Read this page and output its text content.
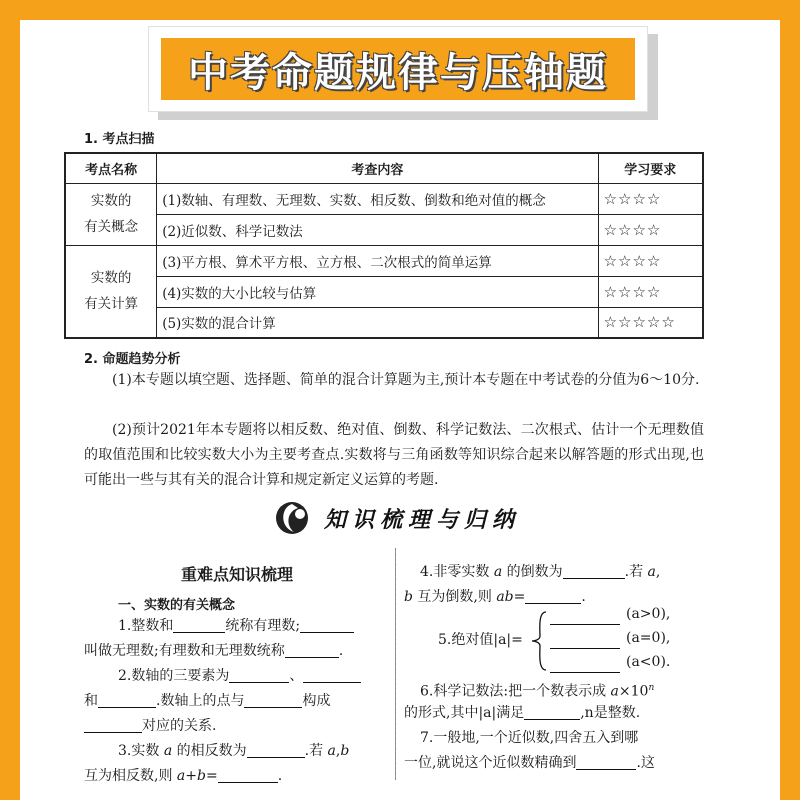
中考命题规律与压轴题
1. 考点扫描
考点名称	考查内容	学习要求
实数的
有关概念	(1)数轴、有理数、无理数、实数、相反数、倒数和绝对值的概念	☆☆☆☆
	(2)近似数、科学记数法	☆☆☆☆
实数的
有关计算	(3)平方根、算术平方根、立方根、二次根式的简单运算	☆☆☆☆
	(4)实数的大小比较与估算	☆☆☆☆
	(5)实数的混合计算	☆☆☆☆☆
2. 命题趋势分析
(1)本专题以填空题、选择题、简单的混合计算题为主,预计本专题在中考试卷的分值为6～10分.
(2)预计2021年本专题将以相反数、绝对值、倒数、科学记数法、二次根式、估计一个无理数值的取值范围和比较实数大小为主要考查点.实数将与三角函数等知识综合起来以解答题的形式出现,也可能出一些与其有关的混合计算和规定新定义运算的考题.
知识梳理与归纳
重难点知识梳理
一、实数的有关概念
1.整数和	统称有理数;
叫做无理数;有理数和无理数统称	.
2.数轴的三要素为	、
和	.数轴上的点与	构成
对应的关系.
3.实数 a 的相反数为	.若 a,b
互为相反数,则 a+b=	.
4.非零实数 a 的倒数为	.若 a,
b 互为倒数,则 ab=	.
5.绝对值|a|=
(a>0),
(a=0),
(a<0).
6.科学记数法:把一个数表示成 $a\times 10^n$
的形式,其中|a|满足	,n是整数.
7.一般地,一个近似数,四舍五入到哪
一位,就说这个近似数精确到	.这
